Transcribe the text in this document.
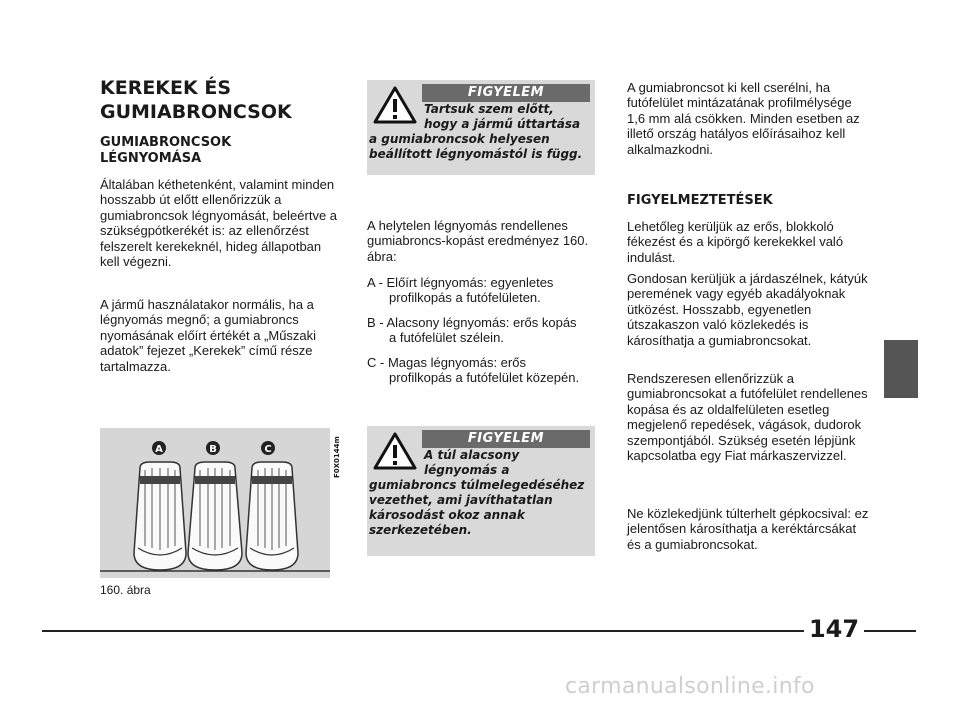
KEREKEK ÉS
GUMIABRONCSOK
GUMIABRONCSOK
LÉGNYOMÁSA

Általában kéthetenként, valamint minden hosszabb út előtt ellenőrizzük a gumiabroncsok légnyomását, beleértve a szükségpótkerékét is: az ellenőrzést felszerelt kerekeknél, hideg állapotban kell végezni.

A jármű használatakor normális, ha a légnyomás megnő; a gumiabroncs nyomásának előírt értékét a „Műszaki adatok” fejezet „Kerekek” című része tartalmazza.

A	B	C	F0X0144m
160. ábra
FIGYELEM
Tartsuk szem előtt,
hogy a jármű úttartása
a gumiabroncsok helyesen beállított légnyomástól is függ.

A helytelen légnyomás rendellenes gumiabroncs-kopást eredményez 160. ábra:

A - Előírt légnyomás: egyenletes
profilkopás a futófelületen.

B - Alacsony légnyomás: erős kopás
a futófelület szélein.

C - Magas légnyomás: erős
profilkopás a futófelület közepén.

FIGYELEM
A túl alacsony
légnyomás a
gumiabroncs túlmelegedéséhez vezethet, ami javíthatatlan károsodást okoz annak szerkezetében.

A gumiabroncsot ki kell cserélni, ha futófelület mintázatának profilmélysége 1,6 mm alá csökken. Minden esetben az illető ország hatályos előírásaihoz kell alkalmazkodni.

FIGYELMEZTETÉSEK

Lehetőleg kerüljük az erős, blokkoló fékezést és a kipörgő kerekekkel való indulást.

Gondosan kerüljük a járdaszélnek, kátyúk peremének vagy egyéb akadályoknak ütközést. Hosszabb, egyenetlen útszakaszon való közlekedés is károsíthatja a gumiabroncsokat.

Rendszeresen ellenőrizzük a gumiabroncsokat a futófelület rendellenes kopása és az oldalfelületen esetleg megjelenő repedések, vágások, dudorok szempontjából. Szükség esetén lépjünk kapcsolatba egy Fiat márkaszervizzel.

Ne közlekedjünk túlterhelt gépkocsival: ez jelentősen károsíthatja a keréktárcsákat és a gumiabroncsokat.

147
carmanualsonline.info
